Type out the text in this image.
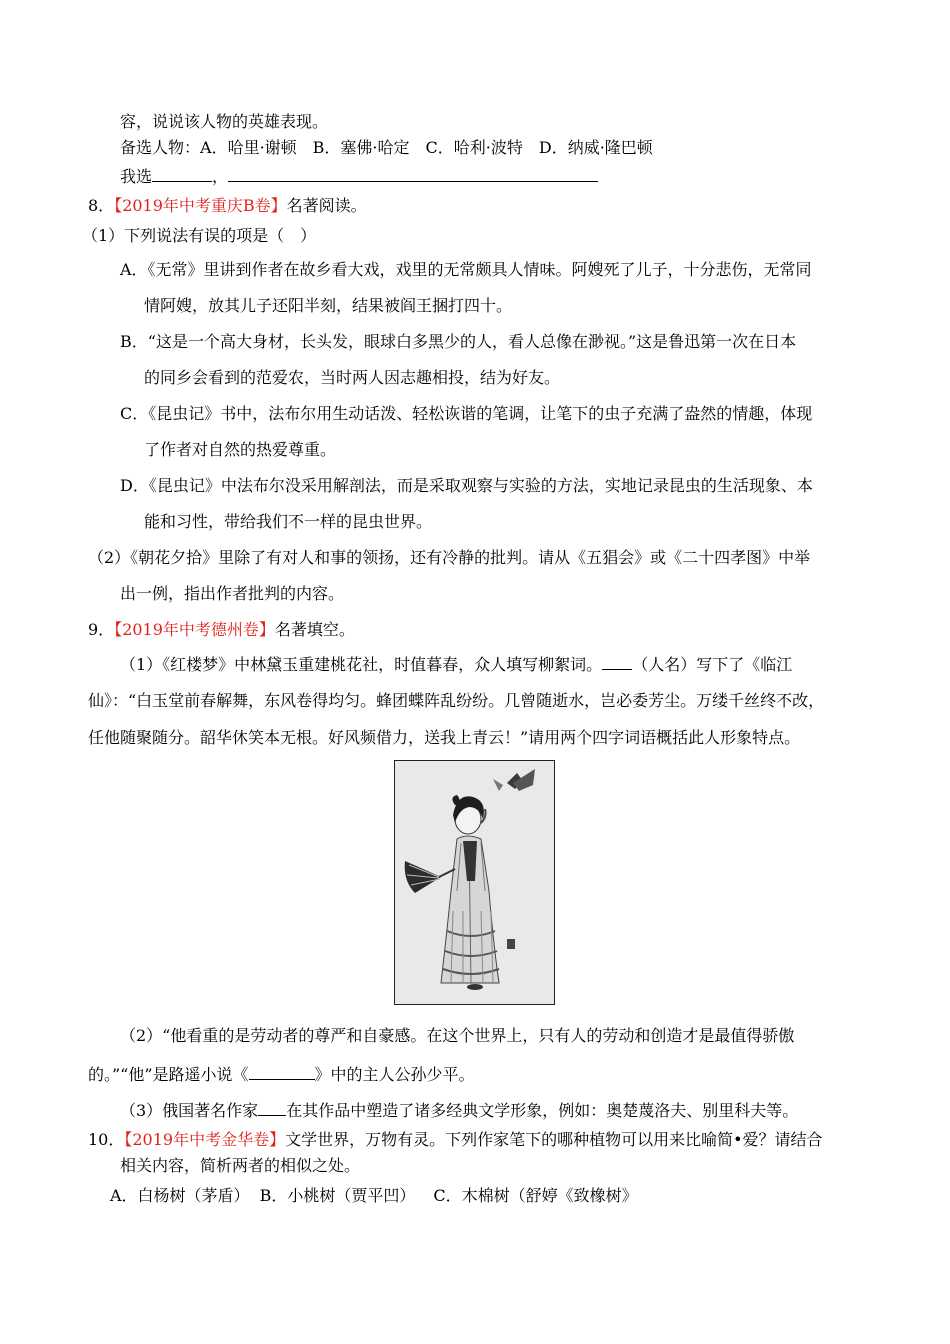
容，说说该人物的英雄表现。
备选人物：A．哈里·谢顿 B．塞佛·哈定 C．哈利·波特 D．纳威·隆巴顿
我选	，
8．【2019年中考重庆B卷】名著阅读。
（1）下列说法有误的项是（　）
A．《无常》里讲到作者在故乡看大戏，戏里的无常颇具人情味。阿嫂死了儿子，十分悲伤，无常同
情阿嫂，放其儿子还阳半刻，结果被阎王捆打四十。
B．“这是一个高大身材，长头发，眼球白多黑少的人，看人总像在渺视。”这是鲁迅第一次在日本
的同乡会看到的范爱农，当时两人因志趣相投，结为好友。
C．《昆虫记》书中，法布尔用生动话泼、轻松诙谐的笔调，让笔下的虫子充满了盎然的情趣，体现
了作者对自然的热爱尊重。
D．《昆虫记》中法布尔没采用解剖法，而是采取观察与实验的方法，实地记录昆虫的生活现象、本
能和习性，带给我们不一样的昆虫世界。
（2）《朝花夕拾》里除了有对人和事的领扬，还有冷静的批判。请从《五猖会》或《二十四孝图》中举
出一例，指出作者批判的内容。
9．【2019年中考德州卷】名著填空。
（1）《红楼梦》中林黛玉重建桃花社，时值暮春，众人填写柳絮词。 （人名）写下了《临江
仙》：“白玉堂前春解舞，东风卷得均匀。蜂团蝶阵乱纷纷。几曾随逝水，岂必委芳尘。万缕千丝终不改，
任他随聚随分。韶华休笑本无根。好风频借力，送我上青云！”请用两个四字词语概括此人形象特点。
（2）“他看重的是劳动者的尊严和自豪感。在这个世界上，只有人的劳动和创造才是最值得骄傲
的。”“他”是路遥小说《	》中的主人公孙少平。
（3）俄国著名作家 在其作品中塑造了诸多经典文学形象，例如：奥楚蔑洛夫、别里科夫等。
10．【2019年中考金华卷】文学世界，万物有灵。下列作家笔下的哪种植物可以用来比喻简•爱？请结合
相关内容，简析两者的相似之处。
A．白杨树（茅盾） B．小桃树（贾平凹） C．木棉树（舒婷《致橡树》
